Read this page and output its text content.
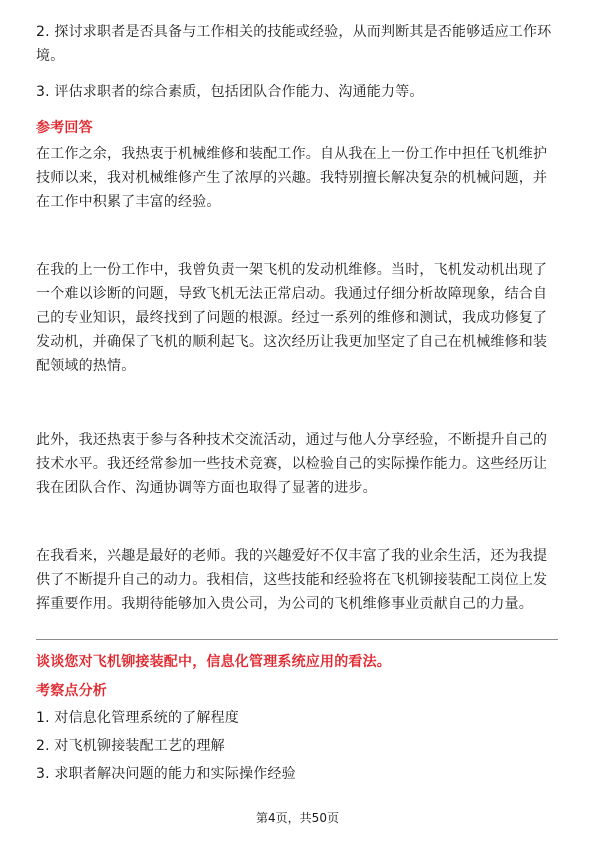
2. 探讨求职者是否具备与工作相关的技能或经验，从而判断其是否能够适应工作环境。

3. 评估求职者的综合素质，包括团队合作能力、沟通能力等。

参考回答

在工作之余，我热衷于机械维修和装配工作。自从我在上一份工作中担任飞机维护技师以来，我对机械维修产生了浓厚的兴趣。我特别擅长解决复杂的机械问题，并在工作中积累了丰富的经验。

在我的上一份工作中，我曾负责一架飞机的发动机维修。当时，飞机发动机出现了一个难以诊断的问题，导致飞机无法正常启动。我通过仔细分析故障现象，结合自己的专业知识，最终找到了问题的根源。经过一系列的维修和测试，我成功修复了发动机，并确保了飞机的顺利起飞。这次经历让我更加坚定了自己在机械维修和装配领域的热情。

此外，我还热衷于参与各种技术交流活动，通过与他人分享经验，不断提升自己的技术水平。我还经常参加一些技术竞赛，以检验自己的实际操作能力。这些经历让我在团队合作、沟通协调等方面也取得了显著的进步。

在我看来，兴趣是最好的老师。我的兴趣爱好不仅丰富了我的业余生活，还为我提供了不断提升自己的动力。我相信，这些技能和经验将在飞机铆接装配工岗位上发挥重要作用。我期待能够加入贵公司，为公司的飞机维修事业贡献自己的力量。

谈谈您对飞机铆接装配中，信息化管理系统应用的看法。

考察点分析

1. 对信息化管理系统的了解程度

2. 对飞机铆接装配工艺的理解

3. 求职者解决问题的能力和实际操作经验

第4页，共50页
